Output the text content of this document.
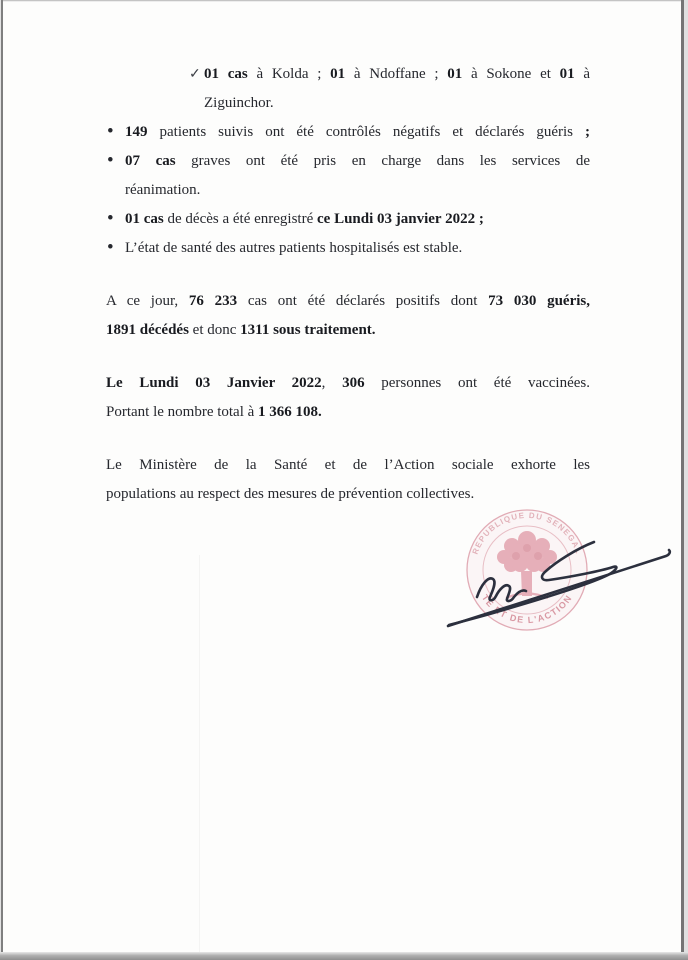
✓ 01 cas à Kolda ; 01 à Ndoffane ; 01 à Sokone et 01 à
Ziguinchor.
• 149 patients suivis ont été contrôlés négatifs et déclarés guéris ;
• 07 cas graves ont été pris en charge dans les services de
réanimation.
• 01 cas de décès a été enregistré ce Lundi 03 janvier 2022 ;
• L’état de santé des autres patients hospitalisés est stable.
A ce jour, 76 233 cas ont été déclarés positifs dont 73 030 guéris,
1891 décédés et donc 1311 sous traitement.
Le Lundi 03 Janvier 2022, 306 personnes ont été vaccinées.
Portant le nombre total à 1 366 108.
Le Ministère de la Santé et de l’Action sociale exhorte les
populations au respect des mesures de prévention collectives.
REPUBLIQUE DU SENEGAL
TE ET DE L'ACTION
